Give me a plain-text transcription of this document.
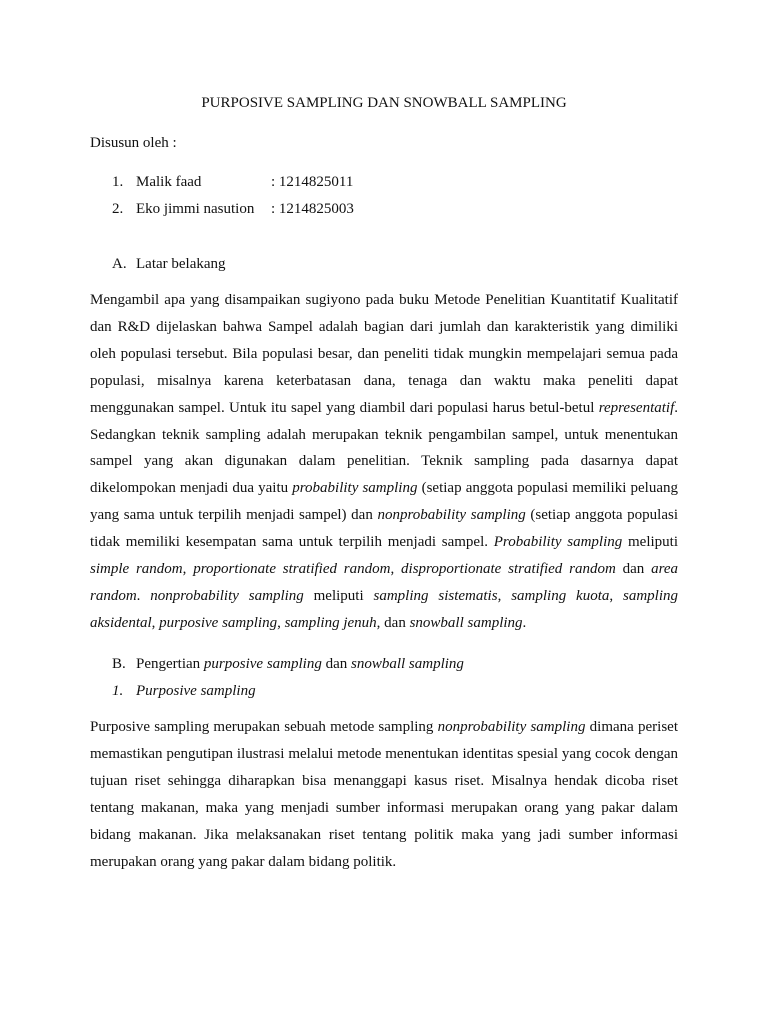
PURPOSIVE SAMPLING DAN SNOWBALL SAMPLING
Disusun oleh :
1. Malik faad	: 1214825011
2. Eko jimmi nasution	: 1214825003
A. Latar belakang

Mengambil apa yang disampaikan sugiyono pada buku Metode Penelitian Kuantitatif Kualitatif dan R&D dijelaskan bahwa Sampel adalah bagian dari jumlah dan karakteristik yang dimiliki oleh populasi tersebut. Bila populasi besar, dan peneliti tidak mungkin mempelajari semua pada populasi, misalnya karena keterbatasan dana, tenaga dan waktu maka peneliti dapat menggunakan sampel. Untuk itu sapel yang diambil dari populasi harus betul-betul representatif. Sedangkan teknik sampling adalah merupakan teknik pengambilan sampel, untuk menentukan sampel yang akan digunakan dalam penelitian. Teknik sampling pada dasarnya dapat dikelompokan menjadi dua yaitu probability sampling (setiap anggota populasi memiliki peluang yang sama untuk terpilih menjadi sampel) dan nonprobability sampling (setiap anggota populasi tidak memiliki kesempatan sama untuk terpilih menjadi sampel. Probability sampling meliputi simple random, proportionate stratified random, disproportionate stratified random dan area random. nonprobability sampling meliputi sampling sistematis, sampling kuota, sampling aksidental, purposive sampling, sampling jenuh, dan snowball sampling.

B. Pengertian purposive sampling dan snowball sampling
1. Purposive sampling

Purposive sampling merupakan sebuah metode sampling nonprobability sampling dimana periset memastikan pengutipan ilustrasi melalui metode menentukan identitas spesial yang cocok dengan tujuan riset sehingga diharapkan bisa menanggapi kasus riset. Misalnya hendak dicoba riset tentang makanan, maka yang menjadi sumber informasi merupakan orang yang pakar dalam bidang makanan. Jika melaksanakan riset tentang politik maka yang jadi sumber informasi merupakan orang yang pakar dalam bidang politik.
